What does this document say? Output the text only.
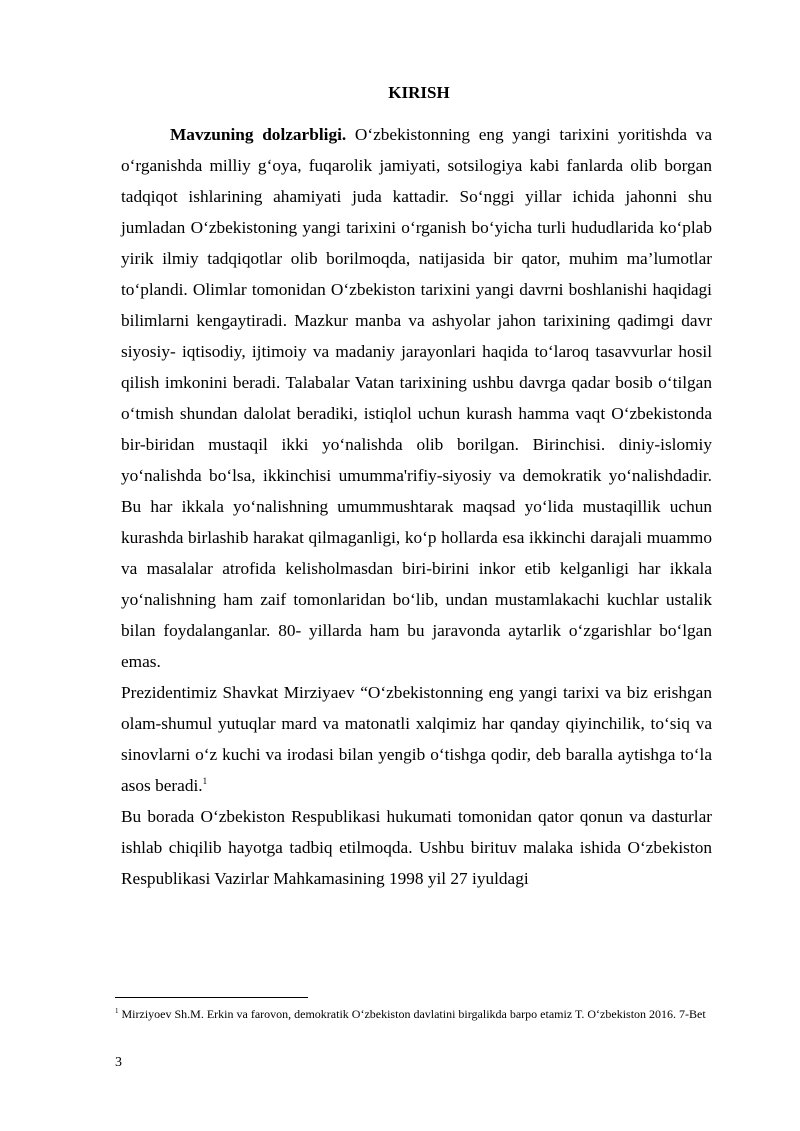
KIRISH

Mavzuning dolzarbligi. O‘zbekistonning eng yangi tarixini yoritishda va o‘rganishda milliy g‘oya, fuqarolik jamiyati, sotsilogiya kabi fanlarda olib borgan tadqiqot ishlarining ahamiyati juda kattadir. So‘nggi yillar ichida jahonni shu jumladan O‘zbekistoning yangi tarixini o‘rganish bo‘yicha turli hududlarida ko‘plab yirik ilmiy tadqiqotlar olib borilmoqda, natijasida bir qator, muhim ma’lumotlar to‘plandi. Olimlar tomonidan O‘zbekiston tarixini yangi davrni boshlanishi haqidagi bilimlarni kengaytiradi. Mazkur manba va ashyolar jahon tarixining qadimgi davr siyosiy- iqtisodiy, ijtimoiy va madaniy jarayonlari haqida to‘laroq tasavvurlar hosil qilish imkonini beradi. Talabalar Vatan tarixining ushbu davrga qadar bosib o‘tilgan o‘tmish shundan dalolat beradiki, istiqlol uchun kurash hamma vaqt O‘zbekistonda bir-biridan mustaqil ikki yo‘nalishda olib borilgan. Birinchisi. diniy-islomiy yo‘nalishda bo‘lsa, ikkinchisi umumma'rifiy-siyosiy va demokratik yo‘nalishdadir. Bu har ikkala yo‘nalishning umummushtarak maqsad yo‘lida mustaqillik uchun kurashda birlashib harakat qilmaganligi, ko‘p hollarda esa ikkinchi darajali muammo va masalalar atrofida kelisholmasdan biri-birini inkor etib kelganligi har ikkala yo‘nalishning ham zaif tomonlaridan bo‘lib, undan mustamlakachi kuchlar ustalik bilan foydalanganlar. 80- yillarda ham bu jaravonda aytarlik o‘zgarishlar bo‘lgan emas.

Prezidentimiz Shavkat Mirziyaev “O‘zbekistonning eng yangi tarixi va biz erishgan olam-shumul yutuqlar mard va matonatli xalqimiz har qanday qiyinchilik, to‘siq va sinovlarni o‘z kuchi va irodasi bilan yengib o‘tishga qodir, deb baralla aytishga to‘la asos beradi.$^1$

Bu borada O‘zbekiston Respublikasi hukumati tomonidan qator qonun va dasturlar ishlab chiqilib hayotga tadbiq etilmoqda. Ushbu birituv malaka ishida O‘zbekiston Respublikasi Vazirlar Mahkamasining 1998 yil 27 iyuldagi

$^1$ Mirziyoev Sh.M. Erkin va farovon, demokratik O‘zbekiston davlatini birgalikda barpo etamiz T. O‘zbekiston 2016. 7-Bet
3
